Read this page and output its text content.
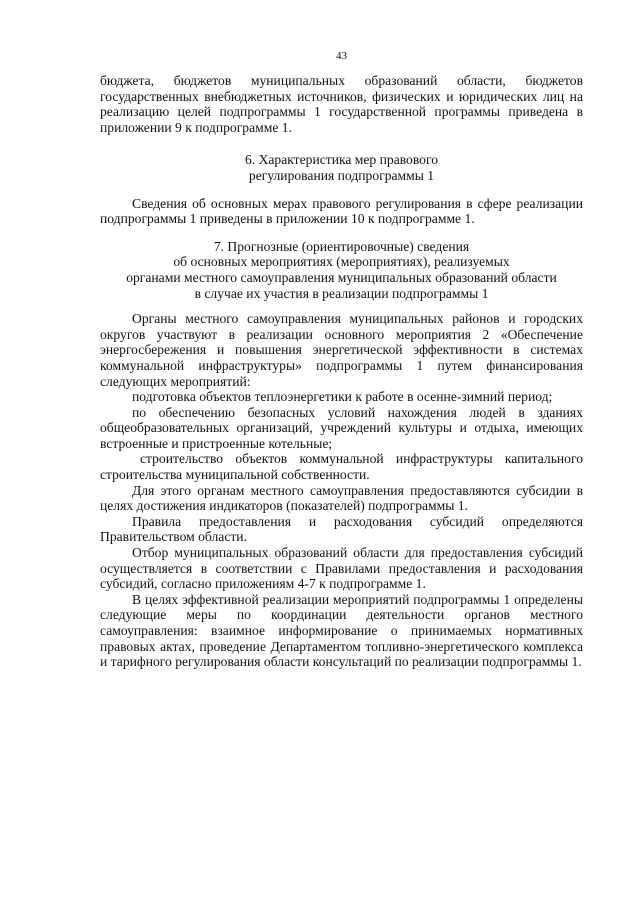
43

бюджета, бюджетов муниципальных образований области, бюджетов государственных внебюджетных источников, физических и юридических лиц на реализацию целей подпрограммы 1 государственной программы приведена в приложении 9 к подпрограмме 1.

6. Характеристика мер правового
регулирования подпрограммы 1

Сведения об основных мерах правового регулирования в сфере реализации подпрограммы 1 приведены в приложении 10 к подпрограмме 1.

7. Прогнозные (ориентировочные) сведения
об основных мероприятиях (мероприятиях), реализуемых
органами местного самоуправления муниципальных образований области
в случае их участия в реализации подпрограммы 1

Органы местного самоуправления муниципальных районов и городских округов участвуют в реализации основного мероприятия 2 «Обеспечение энергосбережения и повышения энергетической эффективности в системах коммунальной инфраструктуры» подпрограммы 1 путем финансирования следующих мероприятий:

подготовка объектов теплоэнергетики к работе в осенне-зимний период;

по обеспечению безопасных условий нахождения людей в зданиях общеобразовательных организаций, учреждений культуры и отдыха, имеющих встроенные и пристроенные котельные;

строительство объектов коммунальной инфраструктуры капитального строительства муниципальной собственности.

Для этого органам местного самоуправления предоставляются субсидии в целях достижения индикаторов (показателей) подпрограммы 1.

Правила предоставления и расходования субсидий определяются Правительством области.

Отбор муниципальных образований области для предоставления субсидий осуществляется в соответствии с Правилами предоставления и расходования субсидий, согласно приложениям 4-7 к подпрограмме 1.

В целях эффективной реализации мероприятий подпрограммы 1 определены следующие меры по координации деятельности органов местного самоуправления: взаимное информирование о принимаемых нормативных правовых актах, проведение Департаментом топливно-энергетического комплекса и тарифного регулирования области консультаций по реализации подпрограммы 1.
